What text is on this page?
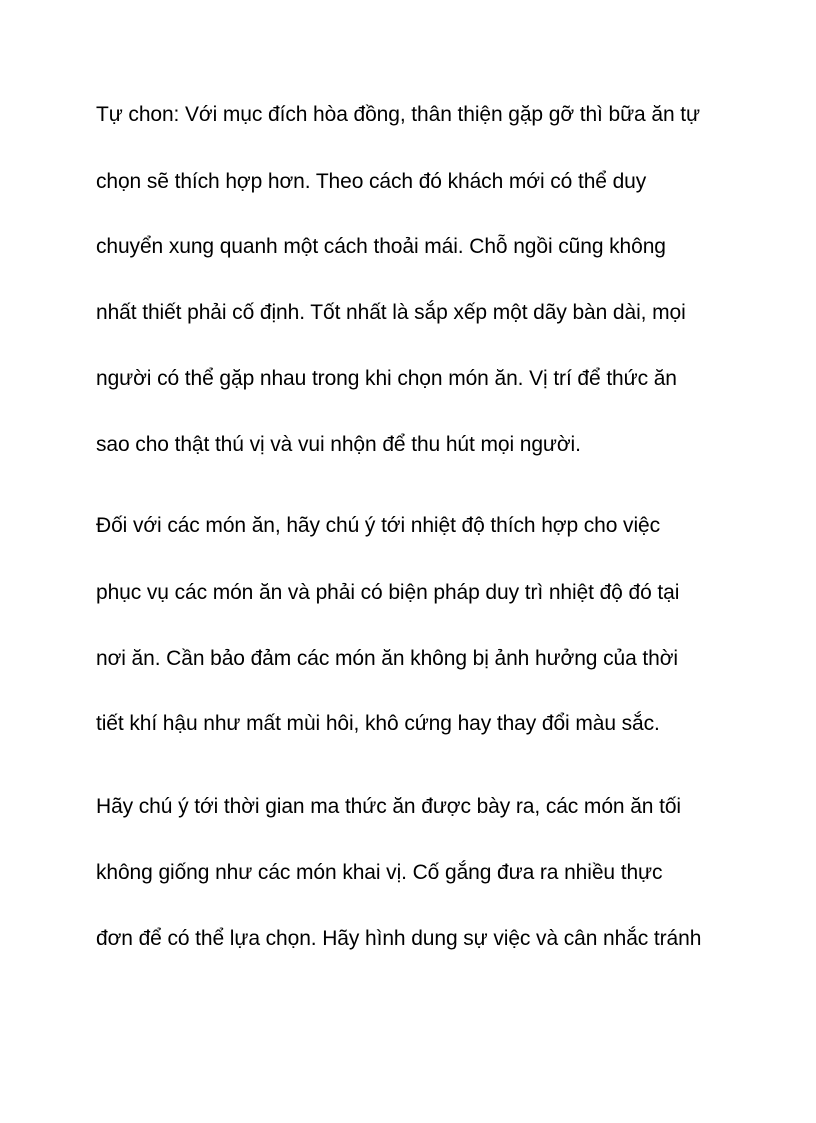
Tự chon: Với mục đích hòa đồng, thân thiện gặp gỡ thì bữa ăn tự
chọn sẽ thích hợp hơn. Theo cách đó khách mới có thể duy
chuyển xung quanh một cách thoải mái. Chỗ ngồi cũng không
nhất thiết phải cố định. Tốt nhất là sắp xếp một dãy bàn dài, mọi
người có thể gặp nhau trong khi chọn món ăn. Vị trí để thức ăn
sao cho thật thú vị và vui nhộn để thu hút mọi người.
Đối với các món ăn, hãy chú ý tới nhiệt độ thích hợp cho việc
phục vụ các món ăn và phải có biện pháp duy trì nhiệt độ đó tại
nơi ăn. Cần bảo đảm các món ăn không bị ảnh hưởng của thời
tiết khí hậu như mất mùi hôi, khô cứng hay thay đổi màu sắc.
Hãy chú ý tới thời gian ma thức ăn được bày ra, các món ăn tối
không giống như các món khai vị. Cố gắng đưa ra nhiều thực
đơn để có thể lựa chọn. Hãy hình dung sự việc và cân nhắc tránh
